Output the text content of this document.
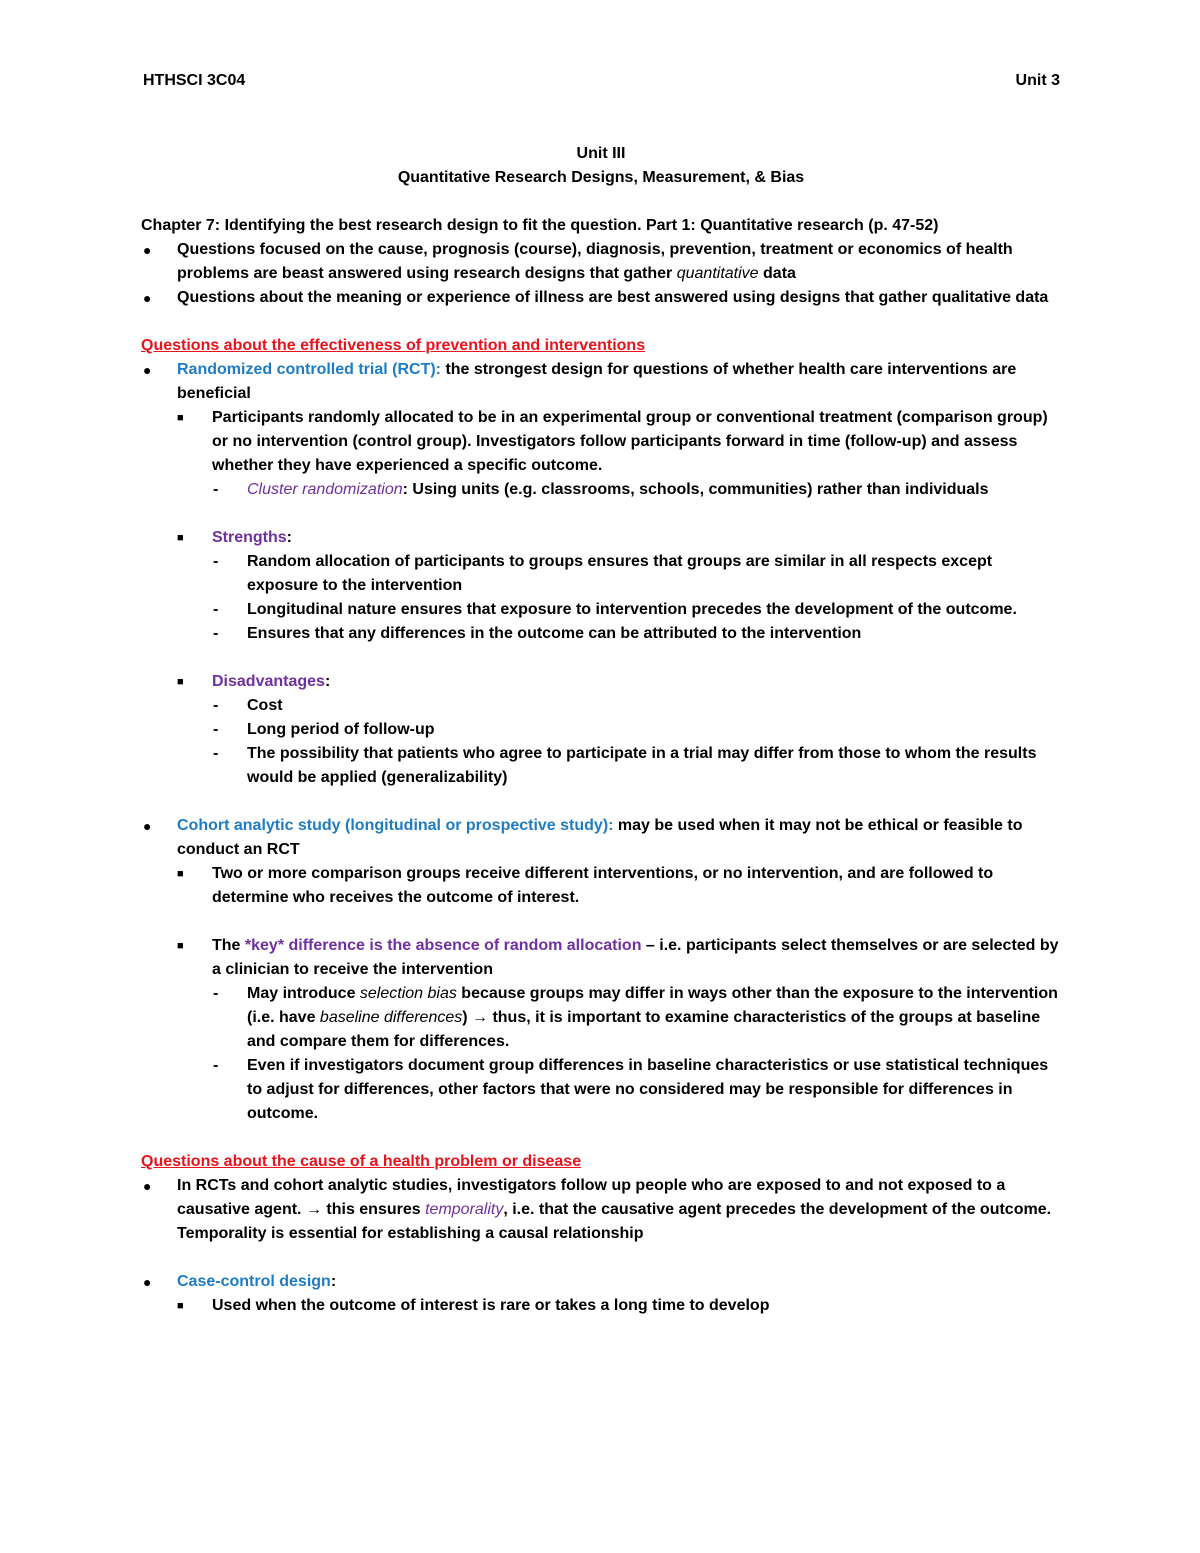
HTHSCI 3C04	Unit 3

Unit III

Quantitative Research Designs, Measurement, & Bias

Chapter 7: Identifying the best research design to fit the question. Part 1: Quantitative research (p. 47-52)

● Questions focused on the cause, prognosis (course), diagnosis, prevention, treatment or economics of health problems are beast answered using research designs that gather quantitative data
● Questions about the meaning or experience of illness are best answered using designs that gather qualitative data

Questions about the effectiveness of prevention and interventions

● Randomized controlled trial (RCT): the strongest design for questions of whether health care interventions are beneficial
■ Participants randomly allocated to be in an experimental group or conventional treatment (comparison group) or no intervention (control group). Investigators follow participants forward in time (follow-up) and assess whether they have experienced a specific outcome.
- Cluster randomization: Using units (e.g. classrooms, schools, communities) rather than individuals
■ Strengths:
- Random allocation of participants to groups ensures that groups are similar in all respects except exposure to the intervention
- Longitudinal nature ensures that exposure to intervention precedes the development of the outcome.
- Ensures that any differences in the outcome can be attributed to the intervention
■ Disadvantages:
- Cost
- Long period of follow-up
- The possibility that patients who agree to participate in a trial may differ from those to whom the results would be applied (generalizability)
● Cohort analytic study (longitudinal or prospective study): may be used when it may not be ethical or feasible to conduct an RCT
■ Two or more comparison groups receive different interventions, or no intervention, and are followed to determine who receives the outcome of interest.
■ The *key* difference is the absence of random allocation – i.e. participants select themselves or are selected by a clinician to receive the intervention
- May introduce selection bias because groups may differ in ways other than the exposure to the intervention (i.e. have baseline differences) → thus, it is important to examine characteristics of the groups at baseline and compare them for differences.
- Even if investigators document group differences in baseline characteristics or use statistical techniques to adjust for differences, other factors that were no considered may be responsible for differences in outcome.

Questions about the cause of a health problem or disease

● In RCTs and cohort analytic studies, investigators follow up people who are exposed to and not exposed to a causative agent. → this ensures temporality, i.e. that the causative agent precedes the development of the outcome. Temporality is essential for establishing a causal relationship
● Case-control design:
■ Used when the outcome of interest is rare or takes a long time to develop
